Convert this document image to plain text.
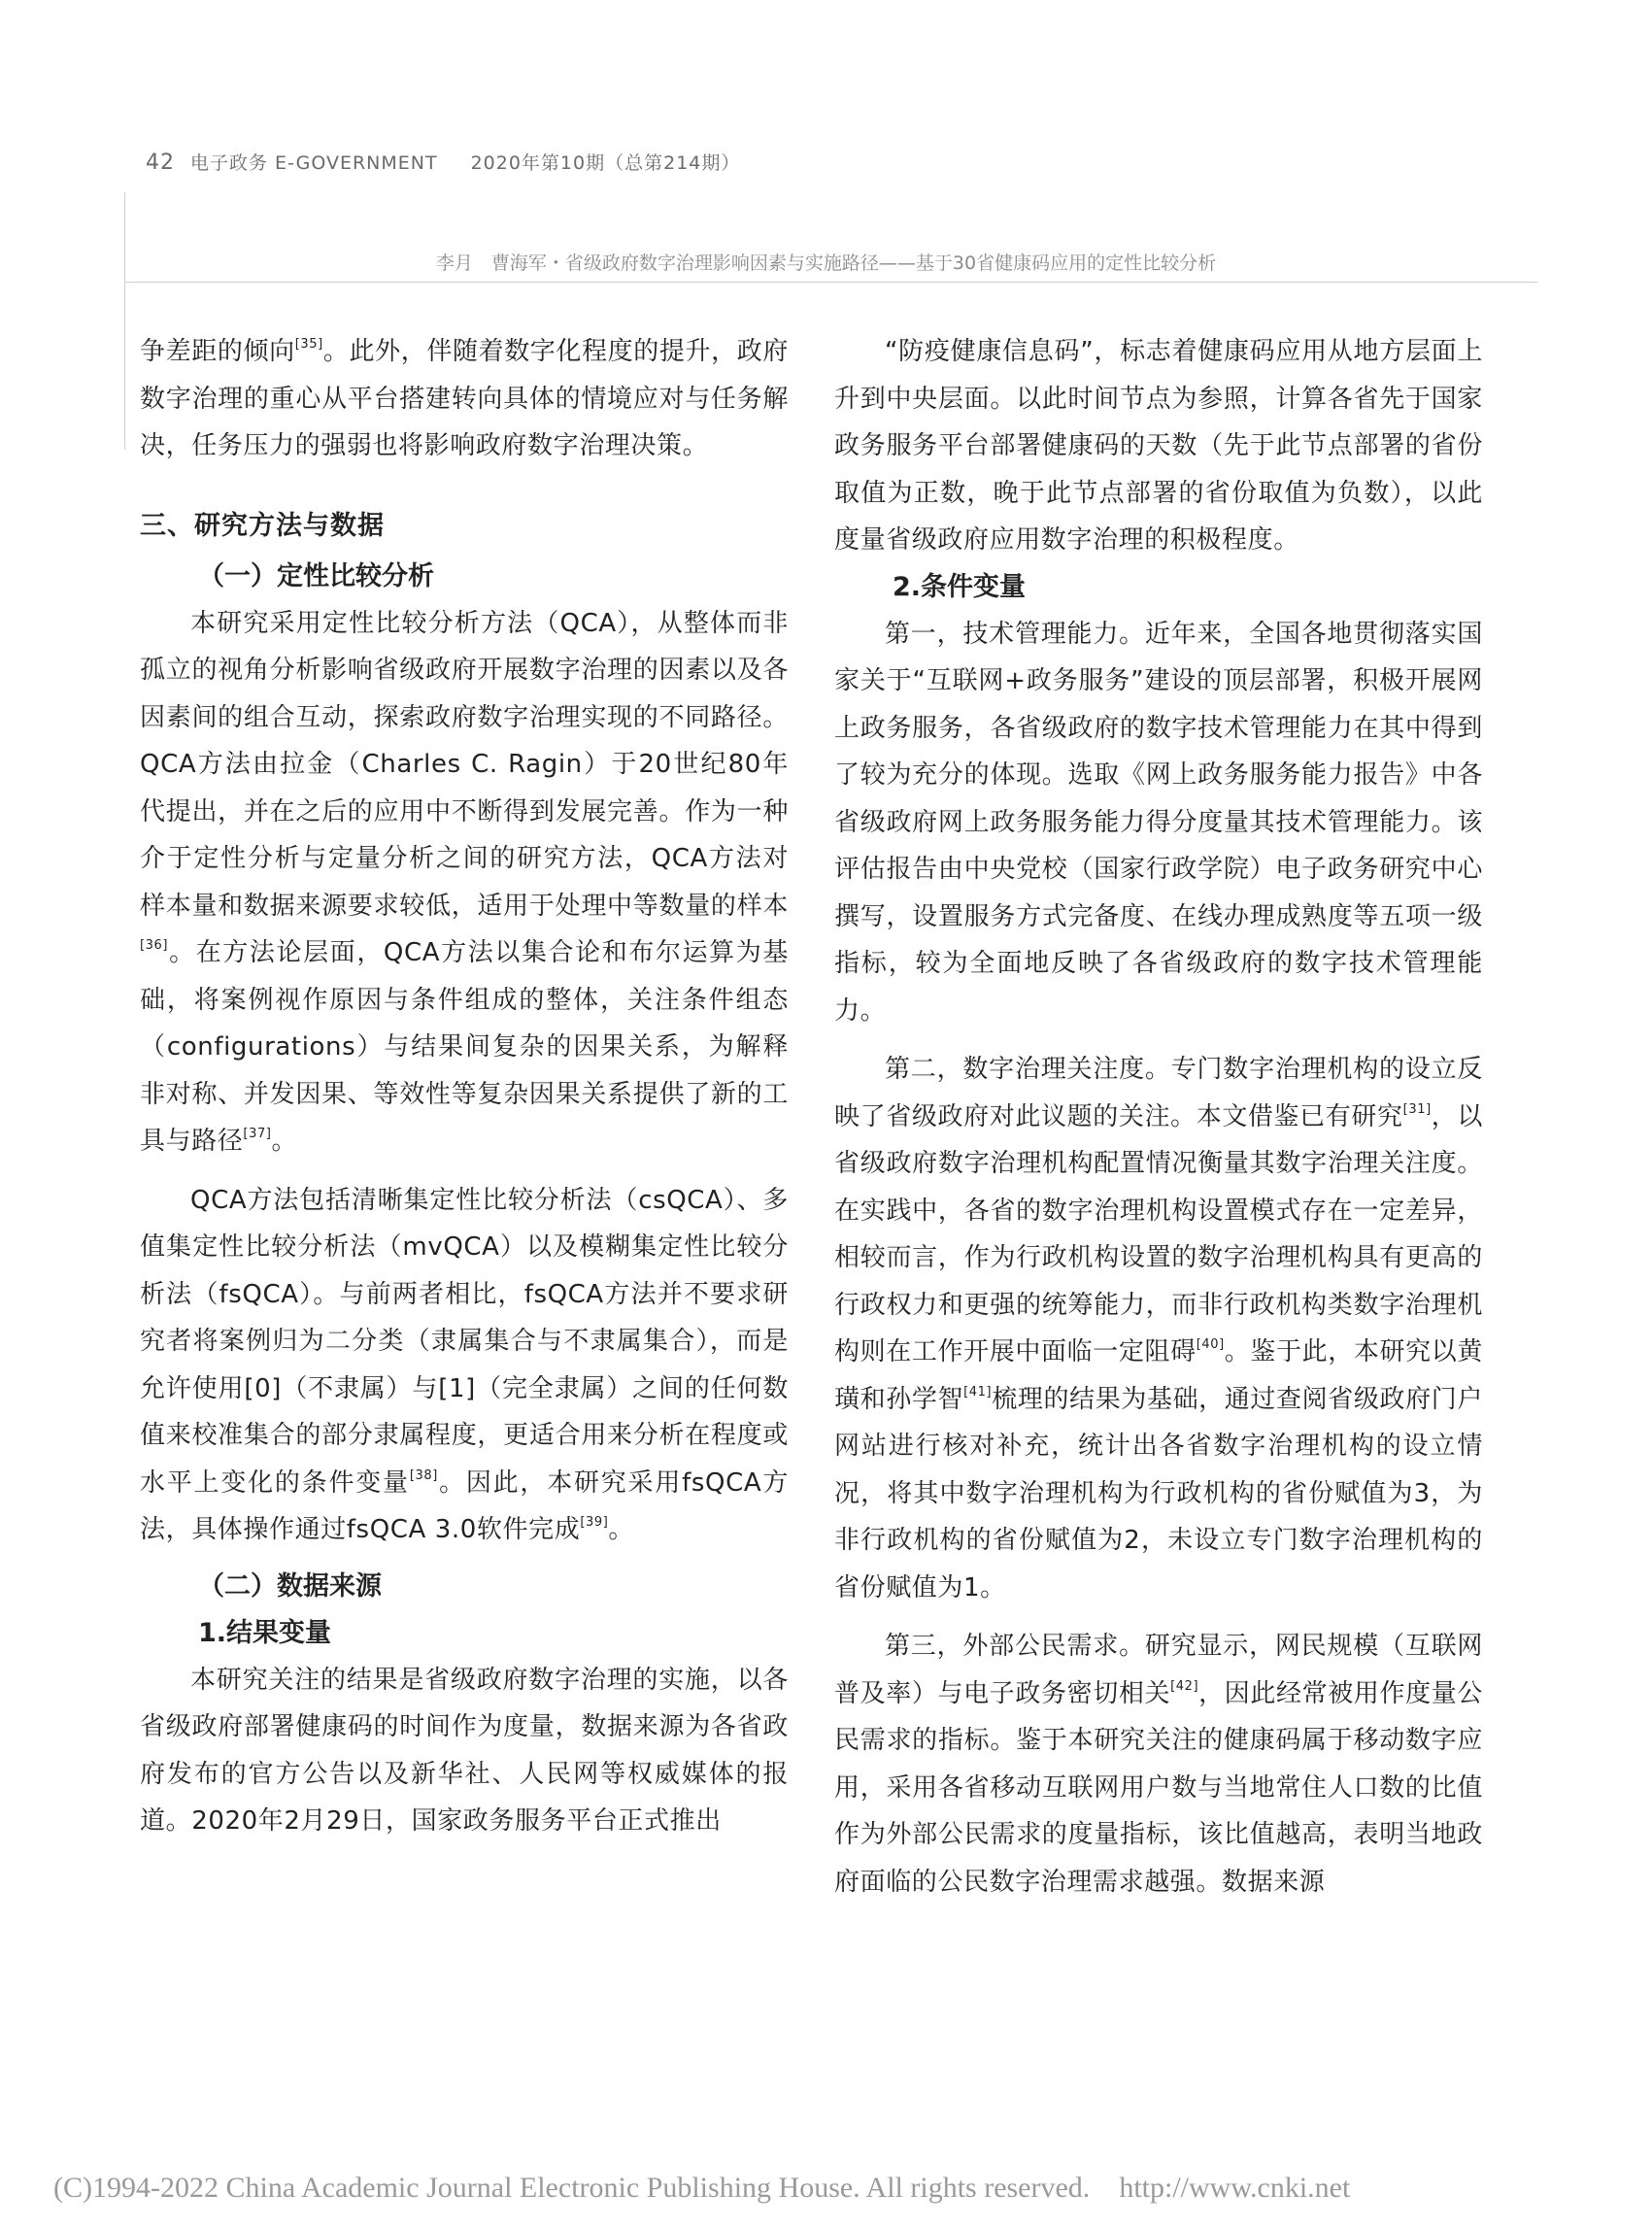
42 电子政务 E-GOVERNMENT 2020年第10期（总第214期）
李月　曹海军・省级政府数字治理影响因素与实施路径——基于30省健康码应用的定性比较分析

争差距的倾向[35]。此外，伴随着数字化程度的提升，政府数字治理的重心从平台搭建转向具体的情境应对与任务解决，任务压力的强弱也将影响政府数字治理决策。

三、研究方法与数据
（一）定性比较分析

本研究采用定性比较分析方法（QCA），从整体而非孤立的视角分析影响省级政府开展数字治理的因素以及各因素间的组合互动，探索政府数字治理实现的不同路径。QCA方法由拉金（Charles C. Ragin）于20世纪80年代提出，并在之后的应用中不断得到发展完善。作为一种介于定性分析与定量分析之间的研究方法，QCA方法对样本量和数据来源要求较低，适用于处理中等数量的样本[36]。在方法论层面，QCA方法以集合论和布尔运算为基础，将案例视作原因与条件组成的整体，关注条件组态（configurations）与结果间复杂的因果关系，为解释非对称、并发因果、等效性等复杂因果关系提供了新的工具与路径[37]。

QCA方法包括清晰集定性比较分析法（csQCA）、多值集定性比较分析法（mvQCA）以及模糊集定性比较分析法（fsQCA）。与前两者相比，fsQCA方法并不要求研究者将案例归为二分类（隶属集合与不隶属集合），而是允许使用[0]（不隶属）与[1]（完全隶属）之间的任何数值来校准集合的部分隶属程度，更适合用来分析在程度或水平上变化的条件变量[38]。因此，本研究采用fsQCA方法，具体操作通过fsQCA 3.0软件完成[39]。

（二）数据来源
1.结果变量

本研究关注的结果是省级政府数字治理的实施，以各省级政府部署健康码的时间作为度量，数据来源为各省政府发布的官方公告以及新华社、人民网等权威媒体的报道。2020年2月29日，国家政务服务平台正式推出

“防疫健康信息码”，标志着健康码应用从地方层面上升到中央层面。以此时间节点为参照，计算各省先于国家政务服务平台部署健康码的天数（先于此节点部署的省份取值为正数，晚于此节点部署的省份取值为负数），以此度量省级政府应用数字治理的积极程度。

2.条件变量

第一，技术管理能力。近年来，全国各地贯彻落实国家关于“互联网+政务服务”建设的顶层部署，积极开展网上政务服务，各省级政府的数字技术管理能力在其中得到了较为充分的体现。选取《网上政务服务能力报告》中各省级政府网上政务服务能力得分度量其技术管理能力。该评估报告由中央党校（国家行政学院）电子政务研究中心撰写，设置服务方式完备度、在线办理成熟度等五项一级指标，较为全面地反映了各省级政府的数字技术管理能力。

第二，数字治理关注度。专门数字治理机构的设立反映了省级政府对此议题的关注。本文借鉴已有研究[31]，以省级政府数字治理机构配置情况衡量其数字治理关注度。在实践中，各省的数字治理机构设置模式存在一定差异，相较而言，作为行政机构设置的数字治理机构具有更高的行政权力和更强的统筹能力，而非行政机构类数字治理机构则在工作开展中面临一定阻碍[40]。鉴于此，本研究以黄璜和孙学智[41]梳理的结果为基础，通过查阅省级政府门户网站进行核对补充，统计出各省数字治理机构的设立情况，将其中数字治理机构为行政机构的省份赋值为3，为非行政机构的省份赋值为2，未设立专门数字治理机构的省份赋值为1。

第三，外部公民需求。研究显示，网民规模（互联网普及率）与电子政务密切相关[42]，因此经常被用作度量公民需求的指标。鉴于本研究关注的健康码属于移动数字应用，采用各省移动互联网用户数与当地常住人口数的比值作为外部公民需求的度量指标，该比值越高，表明当地政府面临的公民数字治理需求越强。数据来源

(C)1994-2022 China Academic Journal Electronic Publishing House. All rights reserved. http://www.cnki.net
